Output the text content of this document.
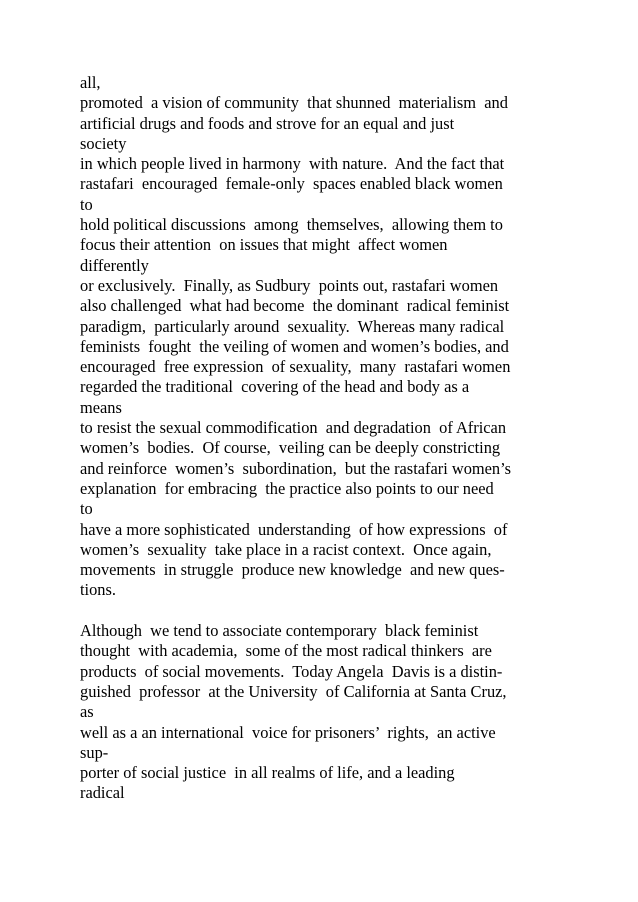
all,
promoted  a vision of community  that shunned  materialism  and
artificial drugs and foods and strove for an equal and just
society
in which people lived in harmony  with nature.  And the fact that
rastafari  encouraged  female-only  spaces enabled black women
to
hold political discussions  among  themselves,  allowing them to
focus their attention  on issues that might  affect women
differently
or exclusively.  Finally, as Sudbury  points out, rastafari women
also challenged  what had become  the dominant  radical feminist
paradigm,  particularly around  sexuality.  Whereas many radical
feminists  fought  the veiling of women and women’s bodies, and
encouraged  free expression  of sexuality,  many  rastafari women
regarded the traditional  covering of the head and body as a
means
to resist the sexual commodification  and degradation  of African
women’s  bodies.  Of course,  veiling can be deeply constricting
and reinforce  women’s  subordination,  but the rastafari women’s
explanation  for embracing  the practice also points to our need
to
have a more sophisticated  understanding  of how expressions  of
women’s  sexuality  take place in a racist context.  Once again,
movements  in struggle  produce new knowledge  and new ques-
tions.
Although  we tend to associate contemporary  black feminist
thought  with academia,  some of the most radical thinkers  are
products  of social movements.  Today Angela  Davis is a distin-
guished  professor  at the University  of California at Santa Cruz,
as
well as a an international  voice for prisoners’  rights,  an active
sup-
porter of social justice  in all realms of life, and a leading
radical
